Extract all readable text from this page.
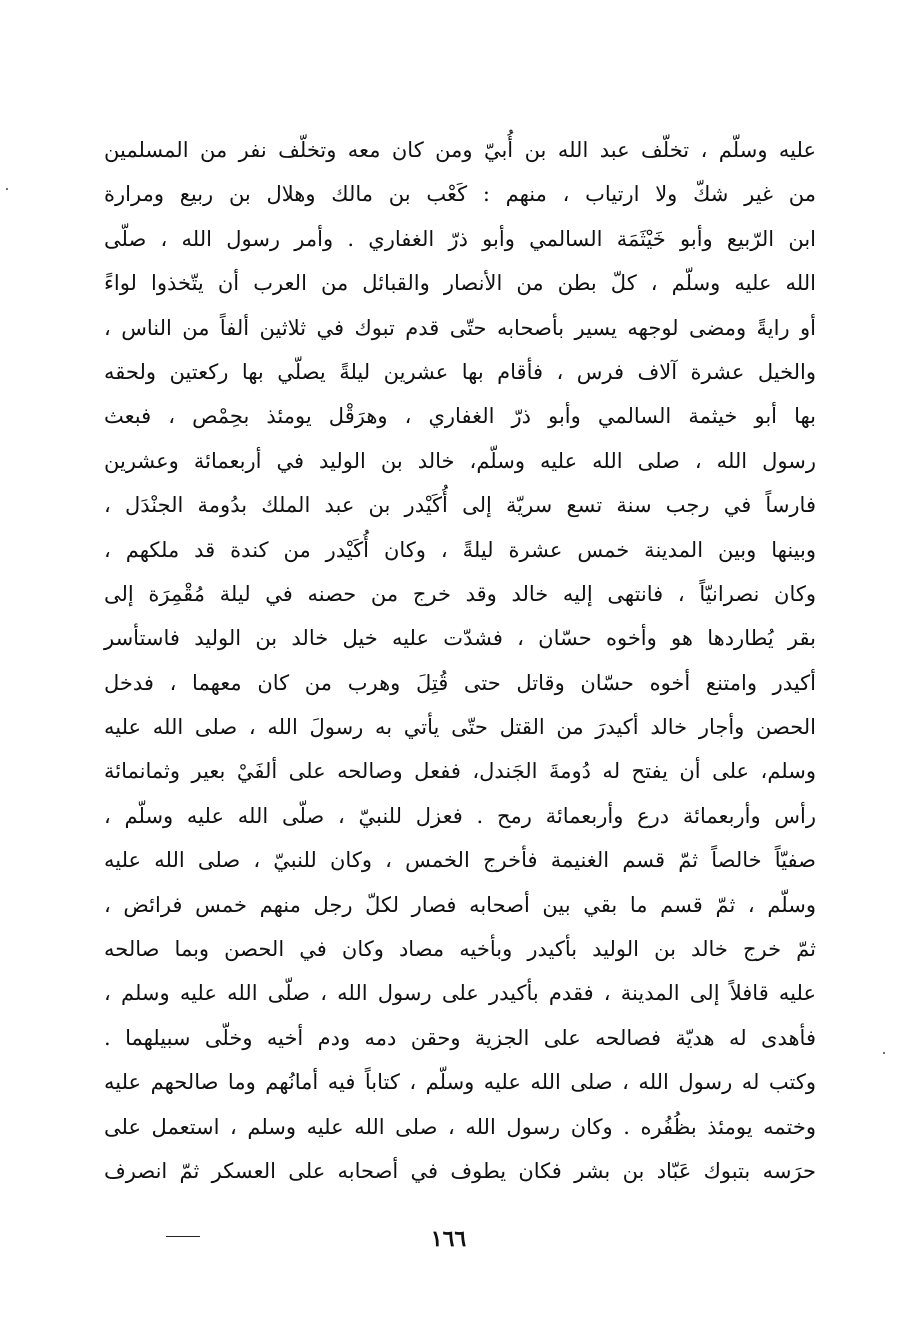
عليه وسلّم ، تخلّف عبد الله بن أُبيّ ومن كان معه وتخلّف نفر من المسلمين
من غير شكّ ولا ارتياب ، منهم : كَعْب بن مالك وهلال بن ربيع ومرارة
ابن الرّبيع وأبو خَيْثَمَة السالمي وأبو ذرّ الغفاري . وأمر رسول الله ، صلّى
الله عليه وسلّم ، كلّ بطن من الأنصار والقبائل من العرب أن يتّخذوا لواءً
أو رايةً ومضى لوجهه يسير بأصحابه حتّى قدم تبوك في ثلاثين ألفاً من الناس ،
والخيل عشرة آلاف فرس ، فأقام بها عشرين ليلةً يصلّي بها ركعتين ولحقه
بها أبو خيثمة السالمي وأبو ذرّ الغفاري ، وهرَقْل يومئذ بحِمْص ، فبعث
رسول الله ، صلى الله عليه وسلّم، خالد بن الوليد في أربعمائة وعشرين
فارساً في رجب سنة تسع سريّة إلى أُكَيْدر بن عبد الملك بدُومة الجنْدَل ،
وبينها وبين المدينة خمس عشرة ليلةً ، وكان أُكَيْدر من كندة قد ملكهم ،
وكان نصرانيّاً ، فانتهى إليه خالد وقد خرج من حصنه في ليلة مُقْمِرَة إلى
بقر يُطاردها هو وأخوه حسّان ، فشدّت عليه خيل خالد بن الوليد فاستأسر
أكيدر وامتنع أخوه حسّان وقاتل حتى قُتِلَ وهرب من كان معهما ، فدخل
الحصن وأجار خالد أكيدرَ من القتل حتّى يأتي به رسولَ الله ، صلى الله عليه
وسلم، على أن يفتح له دُومةَ الجَندل، ففعل وصالحه على ألفَيْ بعير وثمانمائة
رأس وأربعمائة درع وأربعمائة رمح . فعزل للنبيّ ، صلّى الله عليه وسلّم ،
صفيّاً خالصاً ثمّ قسم الغنيمة فأخرج الخمس ، وكان للنبيّ ، صلى الله عليه
وسلّم ، ثمّ قسم ما بقي بين أصحابه فصار لكلّ رجل منهم خمس فرائض ،
ثمّ خرج خالد بن الوليد بأكيدر وبأخيه مصاد وكان في الحصن وبما صالحه
عليه قافلاً إلى المدينة ، فقدم بأكيدر على رسول الله ، صلّى الله عليه وسلم ،
فأهدى له هديّة فصالحه على الجزية وحقن دمه ودم أخيه وخلّى سبيلهما .
وكتب له رسول الله ، صلى الله عليه وسلّم ، كتاباً فيه أمانُهم وما صالحهم عليه
وختمه يومئذ بظُفُره . وكان رسول الله ، صلى الله عليه وسلم ، استعمل على
حرَسه بتبوك عَبّاد بن بشر فكان يطوف في أصحابه على العسكر ثمّ انصرف
١٦٦
